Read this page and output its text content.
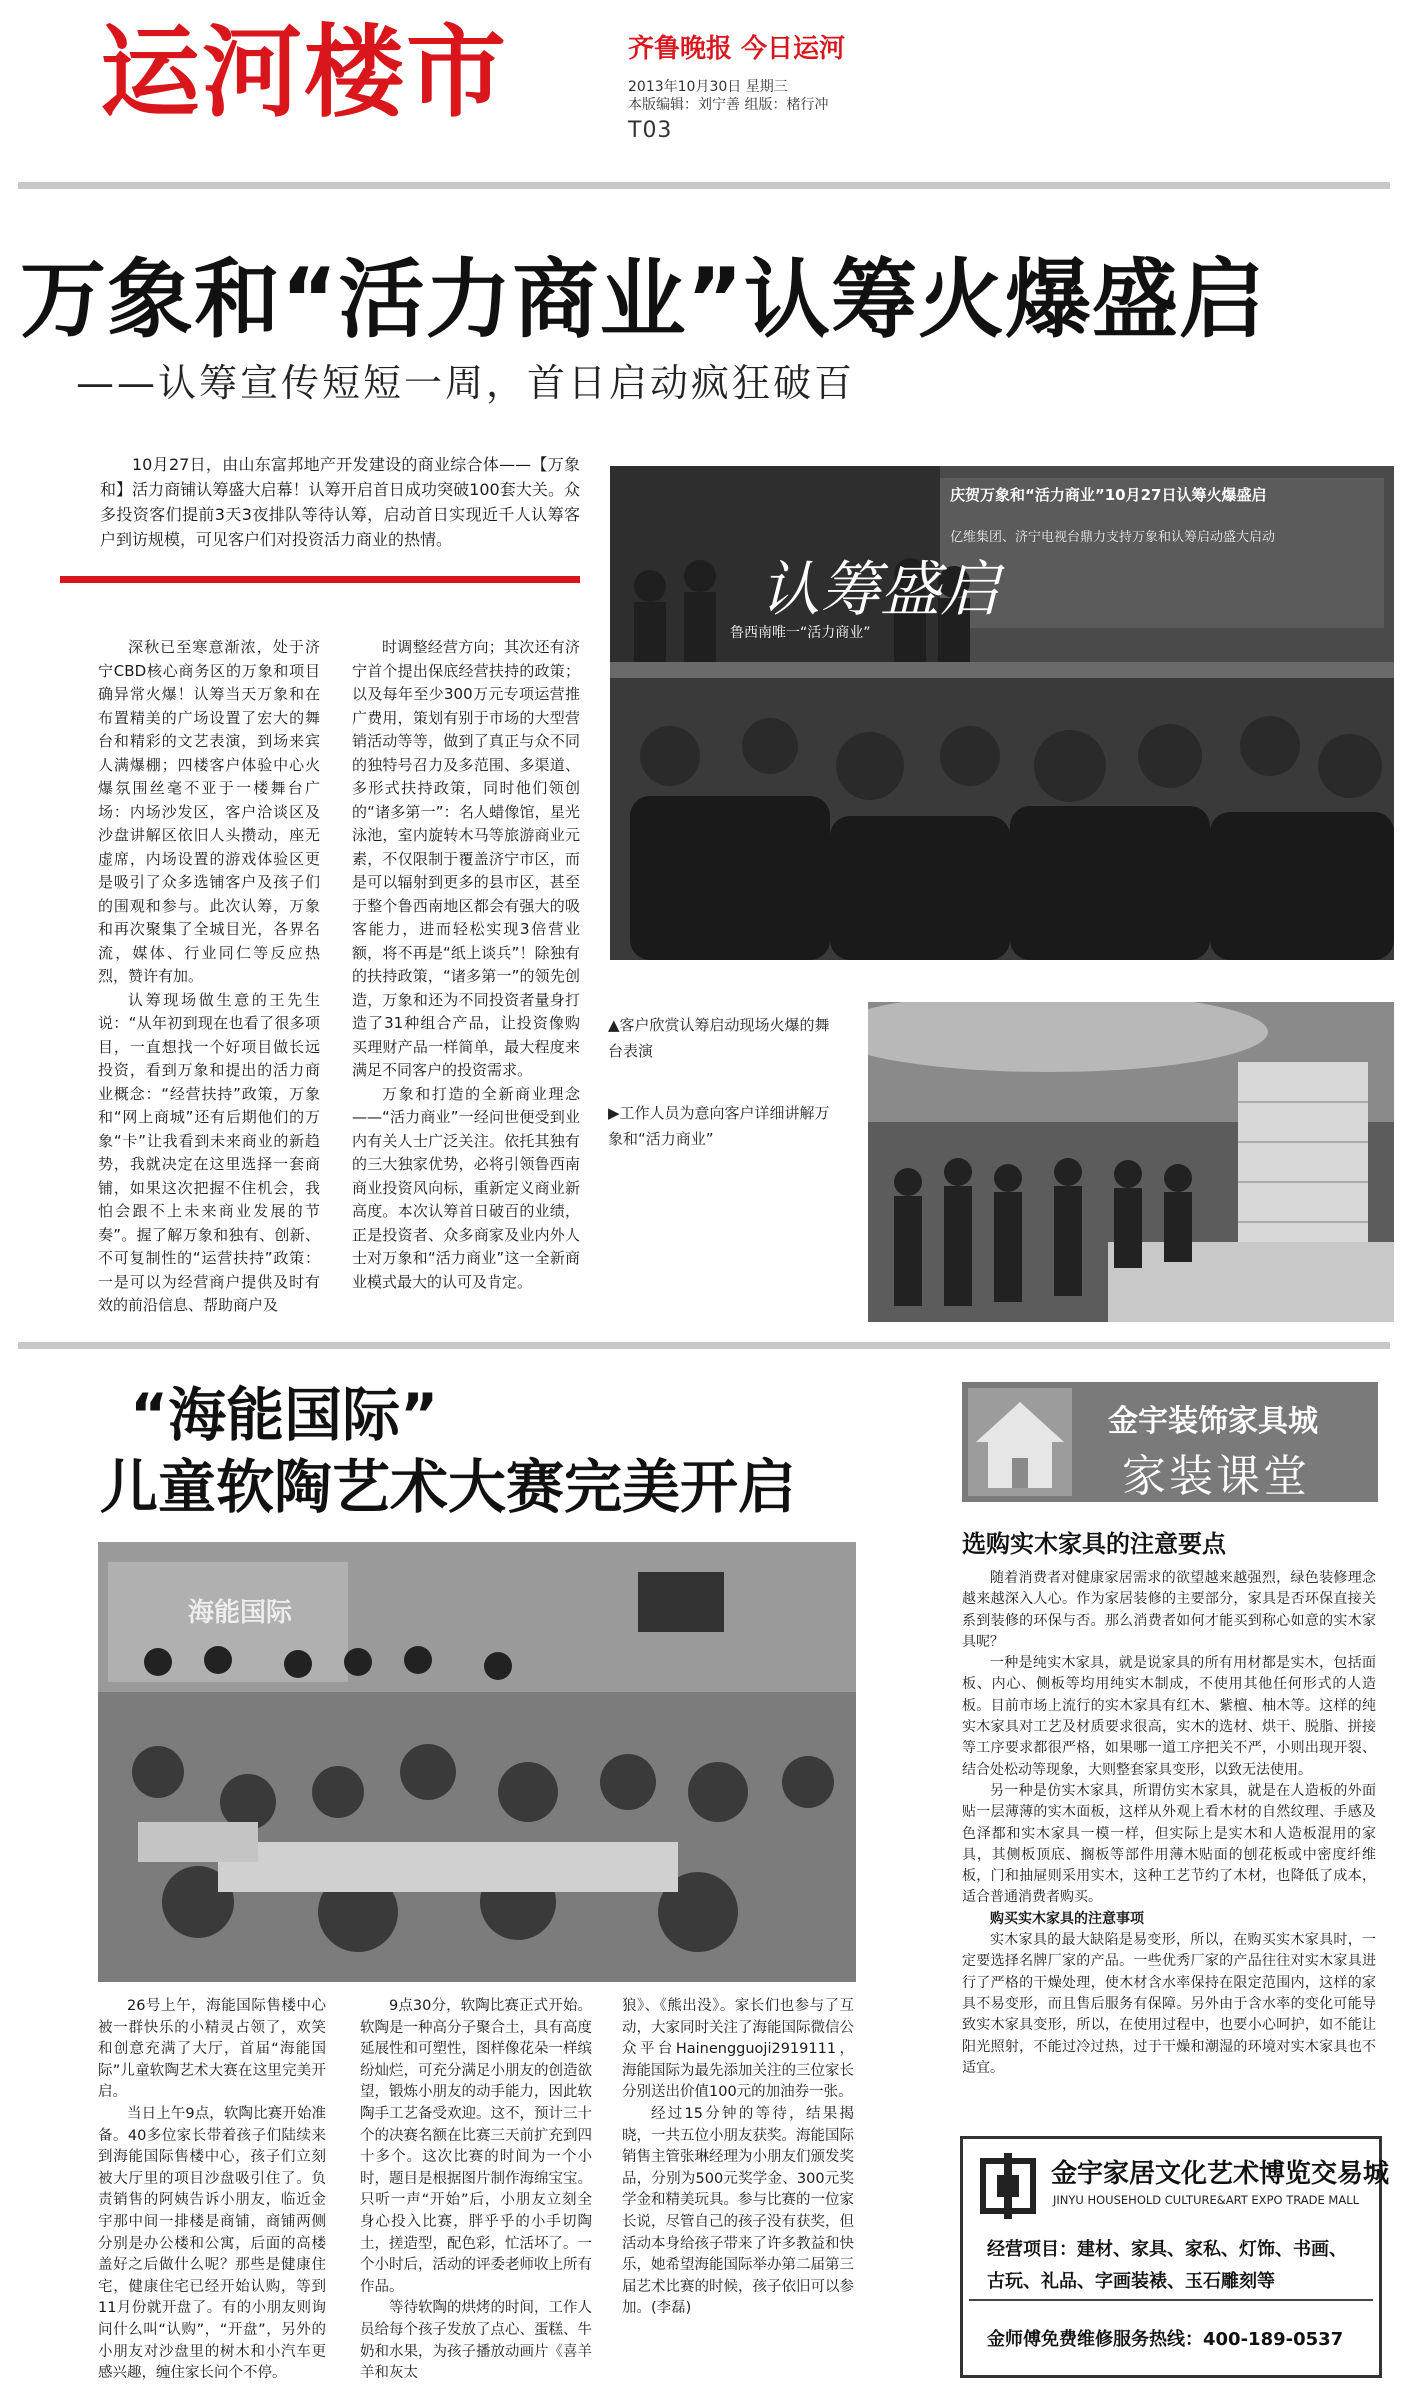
运河楼市	齐鲁晚报 今日运河
2013年10月30日 星期三
本版编辑：刘宁善 组版：楮行冲
T03
万象和“活力商业”认筹火爆盛启
——认筹宣传短短一周，首日启动疯狂破百
10月27日，由山东富邦地产开发建设的商业综合体——【万象和】活力商铺认筹盛大启幕！认筹开启首日成功突破100套大关。众多投资客们提前3天3夜排队等待认筹，启动首日实现近千人认筹客户到访规模，可见客户们对投资活力商业的热情。

深秋已至寒意渐浓，处于济宁CBD核心商务区的万象和项目确异常火爆！认筹当天万象和在布置精美的广场设置了宏大的舞台和精彩的文艺表演，到场来宾人满爆棚；四楼客户体验中心火爆氛围丝毫不亚于一楼舞台广场：内场沙发区，客户洽谈区及沙盘讲解区依旧人头攒动，座无虚席，内场设置的游戏体验区更是吸引了众多选铺客户及孩子们的围观和参与。此次认筹，万象和再次聚集了全城目光，各界名流，媒体、行业同仁等反应热烈，赞许有加。

认筹现场做生意的王先生说：“从年初到现在也看了很多项目，一直想找一个好项目做长远投资，看到万象和提出的活力商业概念：“经营扶持”政策，万象和“网上商城”还有后期他们的万象“卡”让我看到未来商业的新趋势，我就决定在这里选择一套商铺，如果这次把握不住机会，我怕会跟不上未来商业发展的节奏”。握了解万象和独有、创新、不可复制性的“运营扶持”政策：一是可以为经营商户提供及时有效的前沿信息、帮助商户及

时调整经营方向；其次还有济宁首个提出保底经营扶持的政策；以及每年至少300万元专项运营推广费用，策划有别于市场的大型营销活动等等，做到了真正与众不同的独特号召力及多范围、多渠道、多形式扶持政策，同时他们领创的“诸多第一”：名人蜡像馆，星光泳池，室内旋转木马等旅游商业元素，不仅限制于覆盖济宁市区，而是可以辐射到更多的县市区，甚至于整个鲁西南地区都会有强大的吸客能力，进而轻松实现3倍营业额，将不再是“纸上谈兵”！除独有的扶持政策，“诸多第一”的领先创造，万象和还为不同投资者量身打造了31种组合产品，让投资像购买理财产品一样简单，最大程度来满足不同客户的投资需求。

万象和打造的全新商业理念——“活力商业”一经问世便受到业内有关人士广泛关注。依托其独有的三大独家优势，必将引领鲁西南商业投资风向标，重新定义商业新高度。本次认筹首日破百的业绩，正是投资者、众多商家及业内外人士对万象和“活力商业”这一全新商业模式最大的认可及肯定。

庆贺万象和“活力商业”10月27日认筹火爆盛启
亿维集团、济宁电视台鼎力支持万象和认筹启动盛大启动
认筹盛启
鲁西南唯一“活力商业”
▲客户欣赏认筹启动现场火爆的舞台表演
▶工作人员为意向客户详细讲解万象和“活力商业”
“海能国际”
儿童软陶艺术大赛完美开启
海能国际

26号上午，海能国际售楼中心被一群快乐的小精灵占领了，欢笑和创意充满了大厅，首届“海能国际”儿童软陶艺术大赛在这里完美开启。

当日上午9点，软陶比赛开始准备。40多位家长带着孩子们陆续来到海能国际售楼中心，孩子们立刻被大厅里的项目沙盘吸引住了。负责销售的阿姨告诉小朋友，临近金宇那中间一排楼是商铺，商铺两侧分别是办公楼和公寓，后面的高楼盖好之后做什么呢？那些是健康住宅，健康住宅已经开始认购，等到11月份就开盘了。有的小朋友则询问什么叫“认购”，“开盘”，另外的小朋友对沙盘里的树木和小汽车更感兴趣，缠住家长问个不停。

9点30分，软陶比赛正式开始。软陶是一种高分子聚合土，具有高度延展性和可塑性，图样像花朵一样缤纷灿烂，可充分满足小朋友的创造欲望，锻炼小朋友的动手能力，因此软陶手工艺备受欢迎。这不，预计三十个的决赛名额在比赛三天前扩充到四十多个。这次比赛的时间为一个小时，题目是根据图片制作海绵宝宝。只听一声“开始”后，小朋友立刻全身心投入比赛，胖乎乎的小手切陶土，搓造型，配色彩，忙活坏了。一个小时后，活动的评委老师收上所有作品。

等待软陶的烘烤的时间，工作人员给每个孩子发放了点心、蛋糕、牛奶和水果，为孩子播放动画片《喜羊羊和灰太

狼》、《熊出没》。家长们也参与了互动，大家同时关注了海能国际微信公众平台Hainengguoji2919111，海能国际为最先添加关注的三位家长分别送出价值100元的加油券一张。

经过15分钟的等待，结果揭晓，一共五位小朋友获奖。海能国际销售主管张琳经理为小朋友们颁发奖品，分别为500元奖学金、300元奖学金和精美玩具。参与比赛的一位家长说，尽管自己的孩子没有获奖，但活动本身给孩子带来了许多教益和快乐，她希望海能国际举办第二届第三届艺术比赛的时候，孩子依旧可以参加。(李磊)

金宇装饰家具城
家装课堂
选购实木家具的注意要点

随着消费者对健康家居需求的欲望越来越强烈，绿色装修理念越来越深入人心。作为家居装修的主要部分，家具是否环保直接关系到装修的环保与否。那么消费者如何才能买到称心如意的实木家具呢？

一种是纯实木家具，就是说家具的所有用材都是实木，包括面板、内心、侧板等均用纯实木制成，不使用其他任何形式的人造板。目前市场上流行的实木家具有红木、紫檀、柚木等。这样的纯实木家具对工艺及材质要求很高，实木的选材、烘干、脱脂、拼接等工序要求都很严格，如果哪一道工序把关不严，小则出现开裂、结合处松动等现象，大则整套家具变形，以致无法使用。

另一种是仿实木家具，所谓仿实木家具，就是在人造板的外面贴一层薄薄的实木面板，这样从外观上看木材的自然纹理、手感及色泽都和实木家具一模一样，但实际上是实木和人造板混用的家具，其侧板顶底、搁板等部件用薄木贴面的刨花板或中密度纤维板，门和抽屉则采用实木，这种工艺节约了木材，也降低了成本，适合普通消费者购买。

购买实木家具的注意事项

实木家具的最大缺陷是易变形，所以，在购买实木家具时，一定要选择名牌厂家的产品。一些优秀厂家的产品往往对实木家具进行了严格的干燥处理，使木材含水率保持在限定范围内，这样的家具不易变形，而且售后服务有保障。另外由于含水率的变化可能导致实木家具变形，所以，在使用过程中，也要小心呵护，如不能让阳光照射，不能过冷过热，过于干燥和潮湿的环境对实木家具也不适宜。

金宇家居文化艺术博览交易城
JINYU HOUSEHOLD CULTURE&ART EXPO TRADE MALL
经营项目：建材、家具、家私、灯饰、书画、
古玩、礼品、字画装裱、玉石雕刻等
金师傅免费维修服务热线：400-189-0537
